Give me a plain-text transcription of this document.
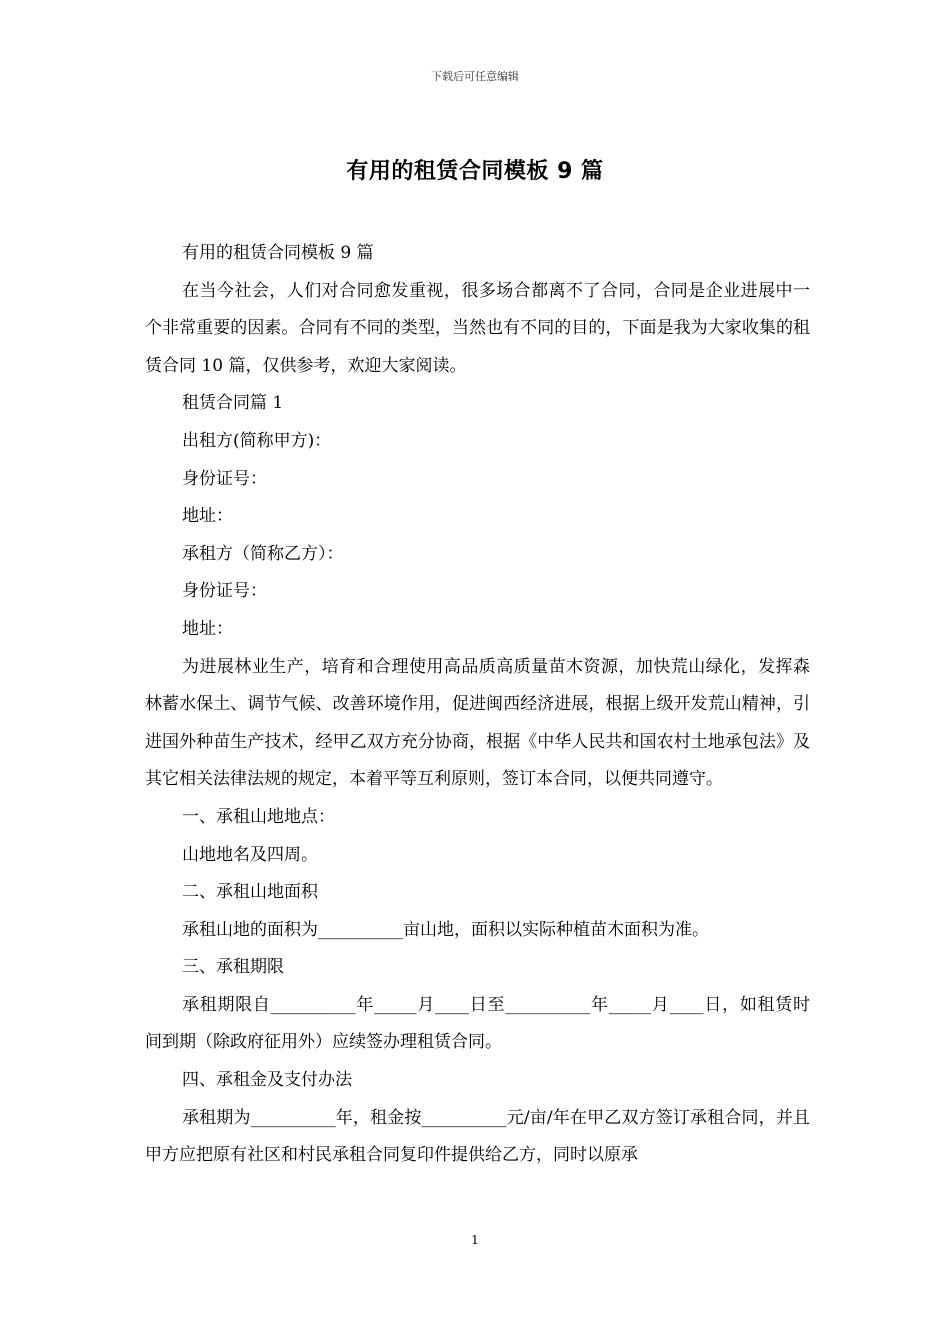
下载后可任意编辑
有用的租赁合同模板 9 篇

有用的租赁合同模板 9 篇

在当今社会，人们对合同愈发重视，很多场合都离不了合同，合同是企业进展中一个非常重要的因素。合同有不同的类型，当然也有不同的目的，下面是我为大家收集的租赁合同 10 篇，仅供参考，欢迎大家阅读。

租赁合同篇 1

出租方(简称甲方)：

身份证号：

地址：

承租方（简称乙方）：

身份证号：

地址：

为进展林业生产，培育和合理使用高品质高质量苗木资源，加快荒山绿化，发挥森林蓄水保土、调节气候、改善环境作用，促进闽西经济进展，根据上级开发荒山精神，引进国外种苗生产技术，经甲乙双方充分协商，根据《中华人民共和国农村土地承包法》及其它相关法律法规的规定，本着平等互利原则，签订本合同，以便共同遵守。

一、承租山地地点：

山地地名及四周。

二、承租山地面积

承租山地的面积为__________亩山地，面积以实际种植苗木面积为准。

三、承租期限

承租期限自__________年_____月____日至__________年_____月____日，如租赁时间到期（除政府征用外）应续签办理租赁合同。

四、承租金及支付办法

承租期为__________年，租金按__________元/亩/年在甲乙双方签订承租合同，并且甲方应把原有社区和村民承租合同复印件提供给乙方，同时以原承

1
